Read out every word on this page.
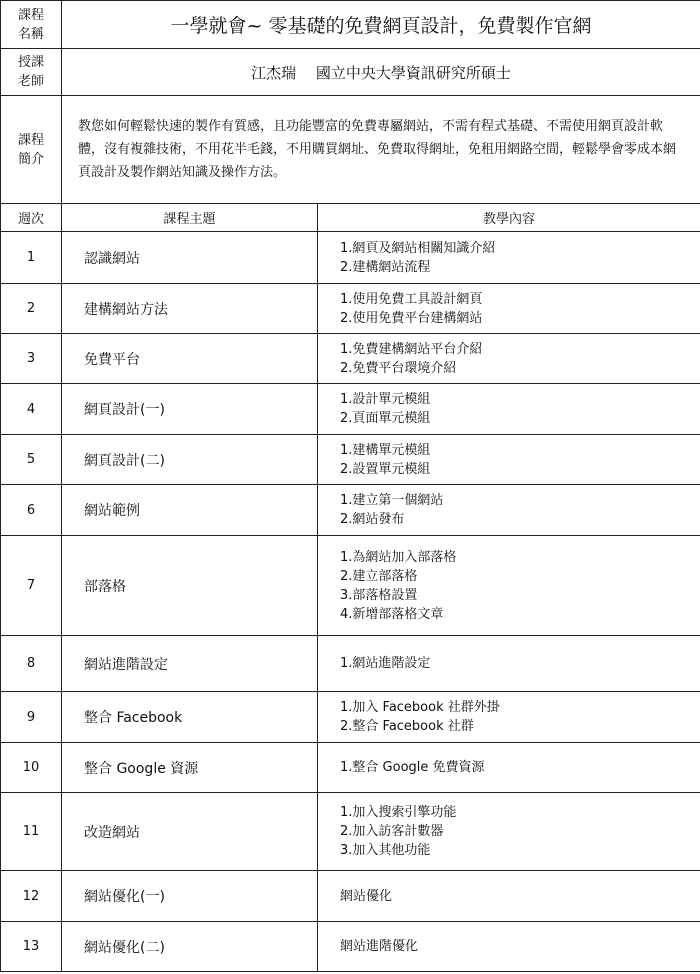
課程
名稱	一學就會~ 零基礎的免費網頁設計，免費製作官網	
授課
老師	江杰瑞　 國立中央大學資訊研究所碩士	
課程
簡介	教您如何輕鬆快速的製作有質感，且功能豐富的免費專屬網站，不需有程式基礎、不需使用網頁設計軟體，沒有複雜技術，不用花半毛錢，不用購買網址、免費取得網址，免租用網路空間，輕鬆學會零成本網頁設計及製作網站知識及操作方法。	
週次	課程主題	教學內容
1	認識網站	1.網頁及網站相關知識介紹
2.建構網站流程

2	建構網站方法	1.使用免費工具設計網頁
2.使用免費平台建構網站

3	免費平台	1.免費建構網站平台介紹
2.免費平台環境介紹

4	網頁設計(一)	1.設計單元模組
2.頁面單元模組

5	網頁設計(二)	1.建構單元模組
2.設置單元模組

6	網站範例	1.建立第一個網站
2.網站發布

7	部落格	1.為網站加入部落格
2.建立部落格
3.部落格設置
4.新增部落格文章

8	網站進階設定	1.網站進階設定

9	整合 Facebook	1.加入 Facebook 社群外掛
2.整合 Facebook 社群

10	整合 Google 資源	1.整合 Google 免費資源

11	改造網站	1.加入搜索引擎功能
2.加入訪客計數器
3.加入其他功能

12	網站優化(一)	網站優化

13	網站優化(二)	網站進階優化
